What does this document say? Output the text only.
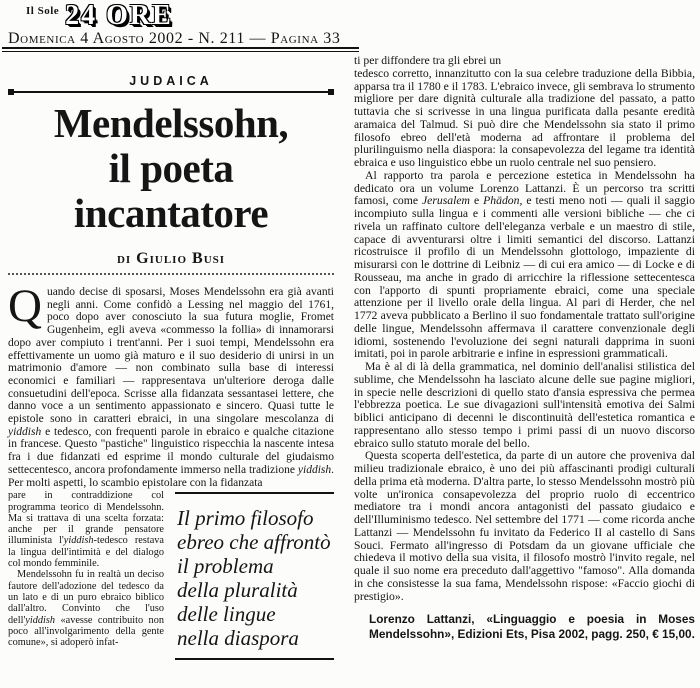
Il Sole 24 ORE
Domenica 4 Agosto 2002 - N. 211 — Pagina 33
JUDAICA
Mendelssohn,
il poeta
incantatore
di Giulio Busi
Quando decise di sposarsi, Moses Mendelssohn era già avanti negli anni. Come confidò a Lessing nel maggio del 1761, poco dopo aver conosciuto la sua futura moglie, Fromet Gugenheim, egli aveva «commesso la follia» di innamorarsi dopo aver compiuto i trent'anni. Per i suoi tempi, Mendelssohn era effettivamente un uomo già maturo e il suo desiderio di unirsi in un matrimonio d'amore — non combinato sulla base di interessi economici e familiari — rappresentava un'ulteriore deroga dalle consuetudini dell'epoca. Scrisse alla fidanzata sessantasei lettere, che danno voce a un sentimento appassionato e sincero. Quasi tutte le epistole sono in caratteri ebraici, in una singolare mescolanza di yiddish e tedesco, con frequenti parole in ebraico e qualche citazione in francese. Questo "pastiche" linguistico rispecchia la nascente intesa fra i due fidanzati ed esprime il mondo culturale del giudaismo settecentesco, ancora profondamente immerso nella tradizione yiddish. Per molti aspetti, lo scambio epistolare con la fidanzata

pare in contraddizione col programma teorico di Mendelssohn. Ma si trattava di una scelta forzata: anche per il grande pensatore illuminista l'yiddish-tedesco restava la lingua dell'intimità e del dialogo col mondo femminile.

Mendelssohn fu in realtà un deciso fautore dell'adozione del tedesco da un lato e di un puro ebraico biblico dall'altro. Convinto che l'uso dell'yiddish «avesse contribuito non poco all'involgarimento della gente comune», si adoperò infat-

Il primo filosofo
ebreo che affrontò
il problema
della pluralità
delle lingue
nella diaspora

ti per diffondere tra gli ebrei un

tedesco corretto, innanzitutto con la sua celebre traduzione della Bibbia, apparsa tra il 1780 e il 1783. L'ebraico invece, gli sembrava lo strumento migliore per dare dignità culturale alla tradizione del passato, a patto tuttavia che si scrivesse in una lingua purificata dalla pesante eredità aramaica del Talmud. Si può dire che Mendelssohn sia stato il primo filosofo ebreo dell'età moderna ad affrontare il problema del plurilinguismo nella diaspora: la consapevolezza del legame tra identità ebraica e uso linguistico ebbe un ruolo centrale nel suo pensiero.

Al rapporto tra parola e percezione estetica in Mendelssohn ha dedicato ora un volume Lorenzo Lattanzi. È un percorso tra scritti famosi, come Jerusalem e Phädon, e testi meno noti — quali il saggio incompiuto sulla lingua e i commenti alle versioni bibliche — che ci rivela un raffinato cultore dell'eleganza verbale e un maestro di stile, capace di avventurarsi oltre i limiti semantici del discorso. Lattanzi ricostruisce il profilo di un Mendelssohn glottologo, impaziente di misurarsi con le dottrine di Leibniz — di cui era amico — di Locke e di Rousseau, ma anche in grado di arricchire la riflessione settecentesca con l'apporto di spunti propriamente ebraici, come una speciale attenzione per il livello orale della lingua. Al pari di Herder, che nel 1772 aveva pubblicato a Berlino il suo fondamentale trattato sull'origine delle lingue, Mendelssohn affermava il carattere convenzionale degli idiomi, sostenendo l'evoluzione dei segni naturali dapprima in suoni imitati, poi in parole arbitrarie e infine in espressioni grammaticali.

Ma è al di là della grammatica, nel dominio dell'analisi stilistica del sublime, che Mendelssohn ha lasciato alcune delle sue pagine migliori, in specie nelle descrizioni di quello stato d'ansia espressiva che permea l'ebbrezza poetica. Le sue divagazioni sull'intensità emotiva dei Salmi biblici anticipano di decenni le discontinuità dell'estetica romantica e rappresentano allo stesso tempo i primi passi di un nuovo discorso ebraico sullo statuto morale del bello.

Questa scoperta dell'estetica, da parte di un autore che proveniva dal milieu tradizionale ebraico, è uno dei più affascinanti prodigi culturali della prima età moderna. D'altra parte, lo stesso Mendelssohn mostrò più volte un'ironica consapevolezza del proprio ruolo di eccentrico mediatore tra i mondi ancora antagonisti del passato giudaico e dell'Illuminismo tedesco. Nel settembre del 1771 — come ricorda anche Lattanzi — Mendelssohn fu invitato da Federico II al castello di Sans Souci. Fermato all'ingresso di Potsdam da un giovane ufficiale che chiedeva il motivo della sua visita, il filosofo mostrò l'invito regale, nel quale il suo nome era preceduto dall'aggettivo "famoso". Alla domanda in che consistesse la sua fama, Mendelssohn rispose: «Faccio giochi di prestigio».

Lorenzo Lattanzi, «Linguaggio e poesia in Moses Mendelssohn», Edizioni Ets, Pisa 2002, pagg. 250, € 15,00.
